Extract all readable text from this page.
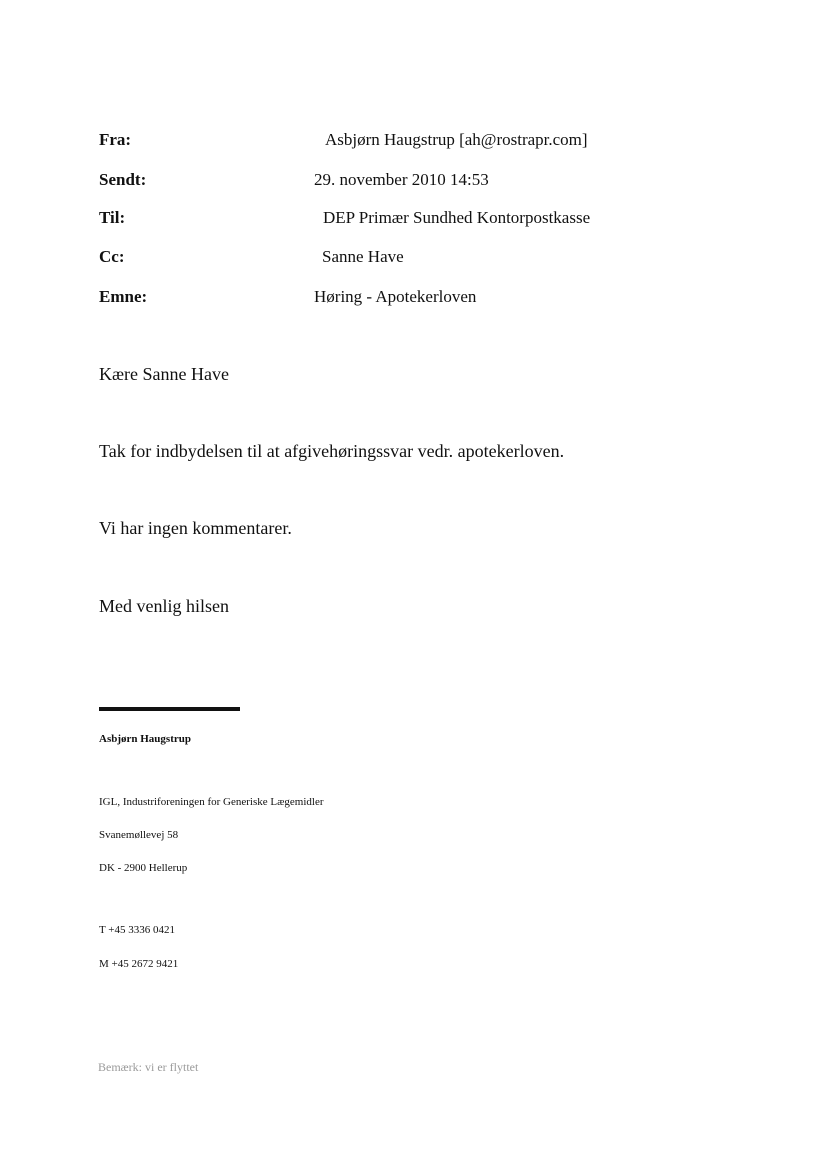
Fra:	Asbjørn Haugstrup [ah@rostrapr.com]
Sendt:	29. november 2010 14:53
Til:	DEP Primær Sundhed Kontorpostkasse
Cc:	Sanne Have
Emne:	Høring - Apotekerloven
Kære Sanne Have
Tak for indbydelsen til at afgivehøringssvar vedr. apotekerloven.
Vi har ingen kommentarer.
Med venlig hilsen
Asbjørn Haugstrup
IGL, Industriforeningen for Generiske Lægemidler
Svanemøllevej 58
DK - 2900 Hellerup
T +45 3336 0421
M +45 2672 9421
Bemærk: vi er flyttet
